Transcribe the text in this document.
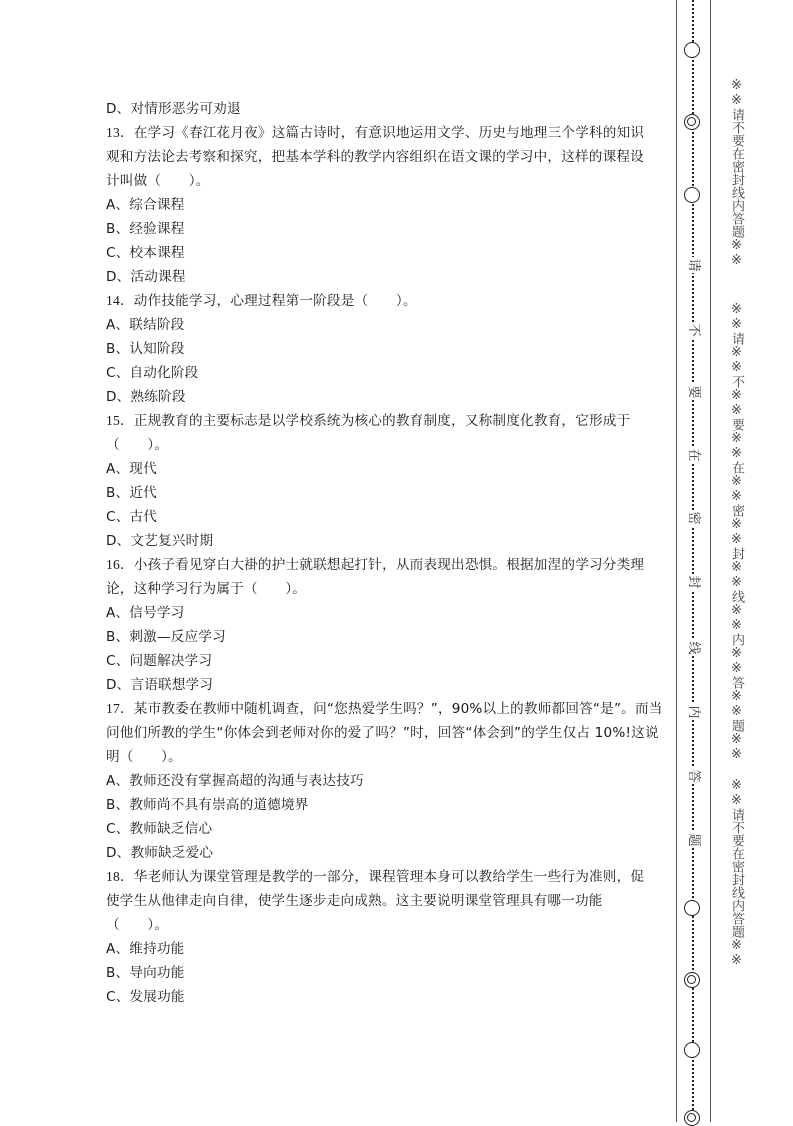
D、对情形恶劣可劝退
13．在学习《春江花月夜》这篇古诗时，有意识地运用文学、历史与地理三个学科的知识
观和方法论去考察和探究，把基本学科的教学内容组织在语文课的学习中，这样的课程设
计叫做（　　）。
A、综合课程
B、经验课程
C、校本课程
D、活动课程
14．动作技能学习，心理过程第一阶段是（　　）。
A、联结阶段
B、认知阶段
C、自动化阶段
D、熟练阶段
15．正规教育的主要标志是以学校系统为核心的教育制度，又称制度化教育，它形成于
（　　）。
A、现代
B、近代
C、古代
D、文艺复兴时期
16．小孩子看见穿白大褂的护士就联想起打针，从而表现出恐惧。根据加涅的学习分类理
论，这种学习行为属于（　　）。
A、信号学习
B、刺激—反应学习
C、问题解决学习
D、言语联想学习
17．某市教委在教师中随机调查，问“您热爱学生吗？”，90%以上的教师都回答“是”。而当
问他们所教的学生“你体会到老师对你的爱了吗？”时，回答“体会到”的学生仅占 10%!这说
明（　　）。
A、教师还没有掌握高超的沟通与表达技巧
B、教师尚不具有崇高的道德境界
C、教师缺乏信心
D、教师缺乏爱心
18．华老师认为课堂管理是教学的一部分，课程管理本身可以教给学生一些行为准则，促
使学生从他律走向自律，使学生逐步走向成熟。这主要说明课堂管理具有哪一功能
（　　）。
A、维持功能
B、导向功能
C、发展功能
请
不
要
在
密
封
线
内
答
题
※※请不要在密封线内答题※※
※※请※※不※※要※※在※※密※※封※※线※※内※※答※※题※※
※※请不要在密封线内答题※※
